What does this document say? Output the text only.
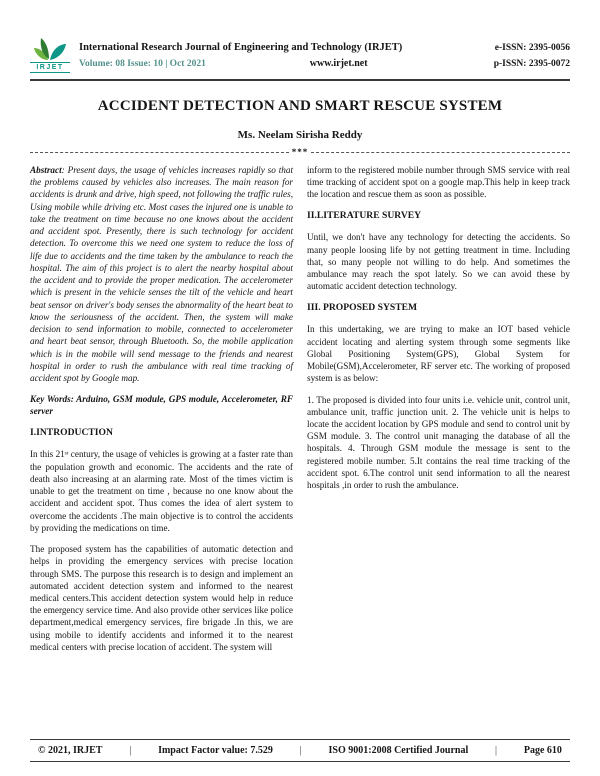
IRJET
International Research Journal of Engineering and Technology (IRJET)	e-ISSN: 2395-0056
Volume: 08 Issue: 10 | Oct 2021	www.irjet.net	p-ISSN: 2395-0072
ACCIDENT DETECTION AND SMART RESCUE SYSTEM
Ms. Neelam Sirisha Reddy
***

Abstract: Present days, the usage of vehicles increases rapidly so that the problems caused by vehicles also increases. The main reason for accidents is drunk and drive, high speed, not following the traffic rules, Using mobile while driving etc. Most cases the injured one is unable to take the treatment on time because no one knows about the accident and accident spot. Presently, there is such technology for accident detection. To overcome this we need one system to reduce the loss of life due to accidents and the time taken by the ambulance to reach the hospital. The aim of this project is to alert the nearby hospital about the accident and to provide the proper medication. The accelerometer which is present in the vehicle senses the tilt of the vehicle and heart beat sensor on driver's body senses the abnormality of the heart beat to know the seriousness of the accident. Then, the system will make decision to send information to mobile, connected to accelerometer and heart beat sensor, through Bluetooth. So, the mobile application which is in the mobile will send message to the friends and nearest hospital in order to rush the ambulance with real time tracking of accident spot by Google map.

Key Words: Arduino, GSM module, GPS module, Accelerometer, RF server

I.INTRODUCTION

In this 21ˢᵗ century, the usage of vehicles is growing at a faster rate than the population growth and economic. The accidents and the rate of death also increasing at an alarming rate. Most of the times victim is unable to get the treatment on time , because no one know about the accident and accident spot. Thus comes the idea of alert system to overcome the accidents .The main objective is to control the accidents by providing the medications on time.

The proposed system has the capabilities of automatic detection and helps in providing the emergency services with precise location through SMS. The purpose this research is to design and implement an automated accident detection system and informed to the nearest medical centers.This accident detection system would help in reduce the emergency service time. And also provide other services like police department,medical emergency services, fire brigade .In this, we are using mobile to identify accidents and informed it to the nearest medical centers with precise location of accident. The system will

inform to the registered mobile number through SMS service with real time tracking of accident spot on a google map.This help in keep track the location and rescue them as soon as possible.

II.LITERATURE SURVEY

Until, we don't have any technology for detecting the accidents. So many people loosing life by not getting treatment in time. Including that, so many people not willing to do help. And sometimes the ambulance may reach the spot lately. So we can avoid these by automatic accident detection technology.

III. PROPOSED SYSTEM

In this undertaking, we are trying to make an IOT based vehicle accident locating and alerting system through some segments like Global Positioning System(GPS), Global System for Mobile(GSM),Accelerometer, RF server etc. The working of proposed system is as below:

1. The proposed is divided into four units i.e. vehicle unit, control unit, ambulance unit, traffic junction unit. 2. The vehicle unit is helps to locate the accident location by GPS module and send to control unit by GSM module. 3. The control unit managing the database of all the hospitals. 4. Through GSM module the message is sent to the registered mobile number. 5.It contains the real time tracking of the accident spot. 6.The control unit send information to all the nearest hospitals ,in order to rush the ambulance.

© 2021, IRJET	|	Impact Factor value: 7.529	|	ISO 9001:2008 Certified Journal	|	Page 610
